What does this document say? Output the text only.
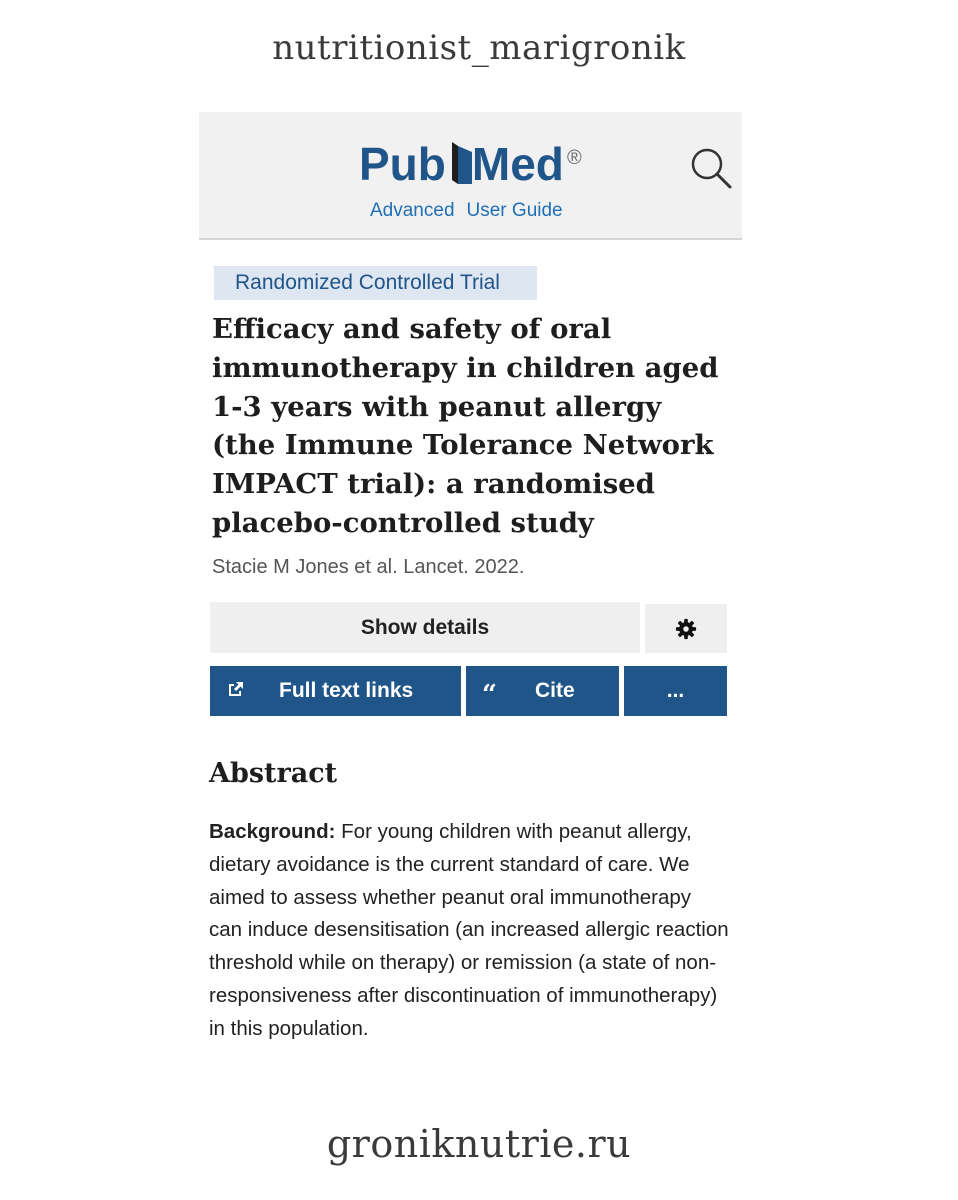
nutritionist_marigronik
Pub Med ®
Advanced User Guide
Randomized Controlled Trial
Efficacy and safety of oral immunotherapy in children aged 1-3 years with peanut allergy (the Immune Tolerance Network IMPACT trial): a randomised placebo-controlled study
Stacie M Jones et al. Lancet. 2022.
Show details
Full text links	“ Cite	...
Abstract

Background: For young children with peanut allergy, dietary avoidance is the current standard of care. We aimed to assess whether peanut oral immunotherapy can induce desensitisation (an increased allergic reaction threshold while on therapy) or remission (a state of non-responsiveness after discontinuation of immunotherapy) in this population.

groniknutrie.ru
